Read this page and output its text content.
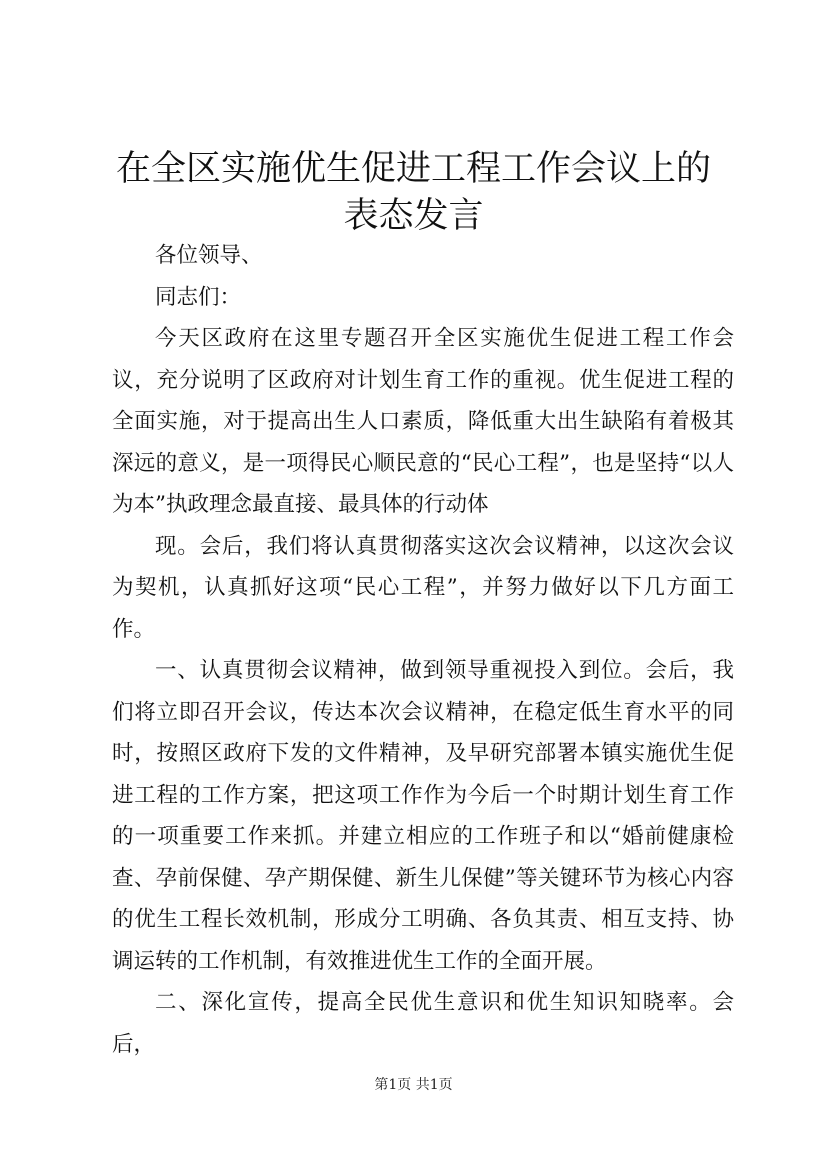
在全区实施优生促进工程工作会议上的表态发言

各位领导、

同志们：

今天区政府在这里专题召开全区实施优生促进工程工作会议，充分说明了区政府对计划生育工作的重视。优生促进工程的全面实施，对于提高出生人口素质，降低重大出生缺陷有着极其深远的意义，是一项得民心顺民意的“民心工程”，也是坚持“以人为本”执政理念最直接、最具体的行动体

现。会后，我们将认真贯彻落实这次会议精神，以这次会议为契机，认真抓好这项“民心工程”，并努力做好以下几方面工作。

一、认真贯彻会议精神，做到领导重视投入到位。会后，我们将立即召开会议，传达本次会议精神，在稳定低生育水平的同时，按照区政府下发的文件精神，及早研究部署本镇实施优生促进工程的工作方案，把这项工作作为今后一个时期计划生育工作的一项重要工作来抓。并建立相应的工作班子和以“婚前健康检查、孕前保健、孕产期保健、新生儿保健”等关键环节为核心内容的优生工程长效机制，形成分工明确、各负其责、相互支持、协调运转的工作机制，有效推进优生工作的全面开展。

二、深化宣传，提高全民优生意识和优生知识知晓率。会后，

第1页 共1页
